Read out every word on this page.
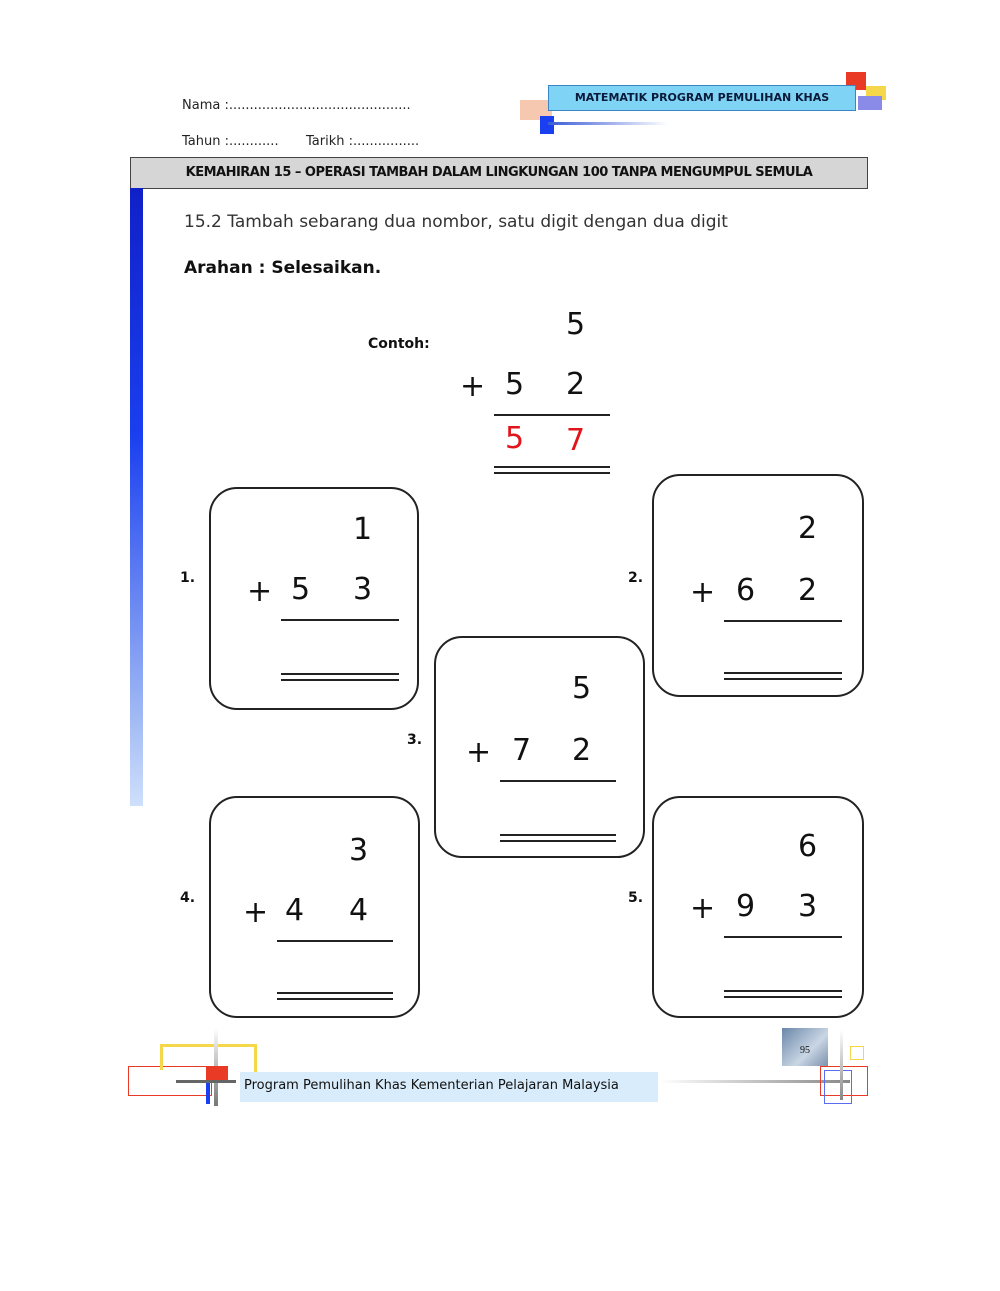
Nama :............................................
Tahun :............ Tarikh :................
MATEMATIK PROGRAM PEMULIHAN KHAS
KEMAHIRAN 15 – OPERASI TAMBAH DALAM LINGKUNGAN 100 TANPA MENGUMPUL SEMULA
15.2 Tambah sebarang dua nombor, satu digit dengan dua digit
Arahan : Selesaikan.
Contoh:
5
+ 5 2
5 7
1.
1
+ 5 3	2.
2
+ 6 2
3.
5
+ 7 2
4.
3
+ 4 4	5.
6
+ 9 3
Program Pemulihan Khas Kementerian Pelajaran Malaysia
95
